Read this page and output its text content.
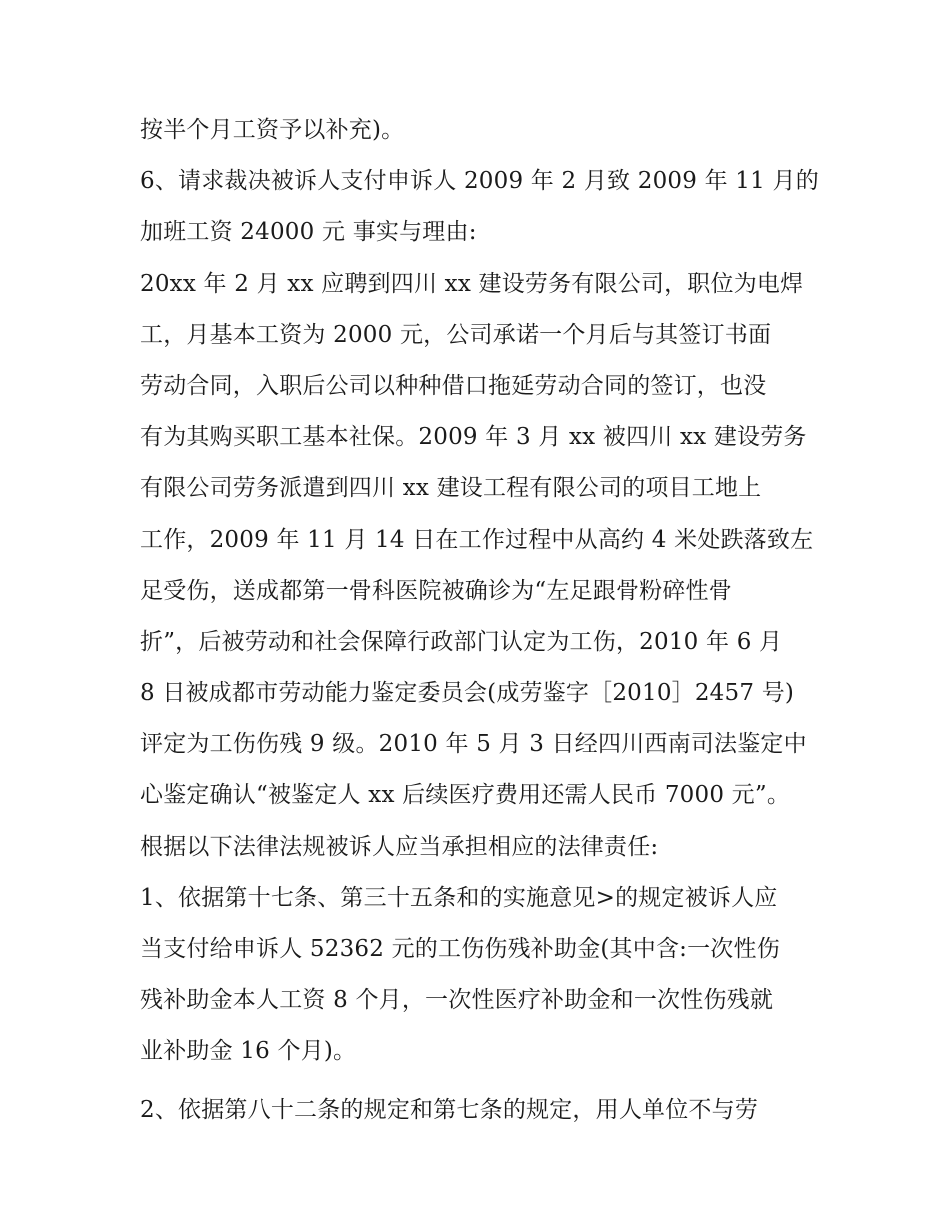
按半个月工资予以补充)。
6、请求裁决被诉人支付申诉人 2009 年 2 月致 2009 年 11 月的
加班工资 24000 元 事实与理由:
20xx 年 2 月 xx 应聘到四川 xx 建设劳务有限公司，职位为电焊
工，月基本工资为 2000 元，公司承诺一个月后与其签订书面
劳动合同，入职后公司以种种借口拖延劳动合同的签订，也没
有为其购买职工基本社保。2009 年 3 月 xx 被四川 xx 建设劳务
有限公司劳务派遣到四川 xx 建设工程有限公司的项目工地上
工作，2009 年 11 月 14 日在工作过程中从高约 4 米处跌落致左
足受伤，送成都第一骨科医院被确诊为“左足跟骨粉碎性骨
折”，后被劳动和社会保障行政部门认定为工伤，2010 年 6 月
8 日被成都市劳动能力鉴定委员会(成劳鉴字［2010］2457 号)
评定为工伤伤残 9 级。2010 年 5 月 3 日经四川西南司法鉴定中
心鉴定确认“被鉴定人 xx 后续医疗费用还需人民币 7000 元”。
根据以下法律法规被诉人应当承担相应的法律责任:
1、依据第十七条、第三十五条和的实施意见>的规定被诉人应
当支付给申诉人 52362 元的工伤伤残补助金(其中含:一次性伤
残补助金本人工资 8 个月，一次性医疗补助金和一次性伤残就
业补助金 16 个月)。
2、依据第八十二条的规定和第七条的规定，用人单位不与劳
